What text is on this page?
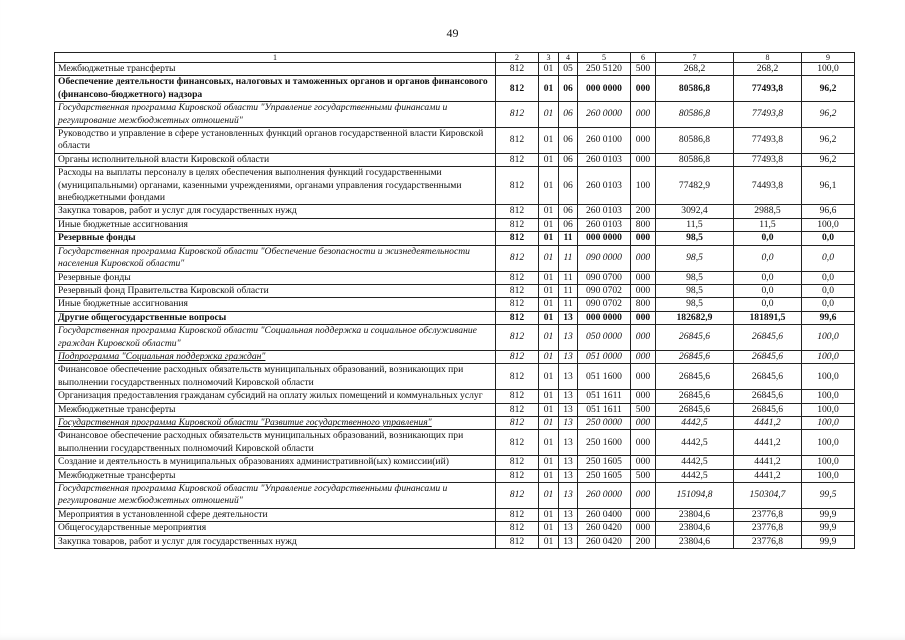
49
1	2	3	4	5	6	7	8	9
Межбюджетные трансферты	812	01	05	250 5120	500	268,2	268,2	100,0
Обеспечение деятельности финансовых, налоговых и таможенных органов и органов финансового (финансово-бюджетного) надзора	812	01	06	000 0000	000	80586,8	77493,8	96,2
Государственная программа Кировской области "Управление государственными финансами и регулирование межбюджетных отношений"	812	01	06	260 0000	000	80586,8	77493,8	96,2
Руководство и управление в сфере установленных функций органов государственной власти Кировской области	812	01	06	260 0100	000	80586,8	77493,8	96,2
Органы исполнительной власти Кировской области	812	01	06	260 0103	000	80586,8	77493,8	96,2
Расходы на выплаты персоналу в целях обеспечения выполнения функций государственными (муниципальными) органами, казенными учреждениями, органами управления государственными внебюджетными фондами	812	01	06	260 0103	100	77482,9	74493,8	96,1
Закупка товаров, работ и услуг для государственных нужд	812	01	06	260 0103	200	3092,4	2988,5	96,6
Иные бюджетные ассигнования	812	01	06	260 0103	800	11,5	11,5	100,0
Резервные фонды	812	01	11	000 0000	000	98,5	0,0	0,0
Государственная программа Кировской области "Обеспечение безопасности и жизнедеятельности населения Кировской области"	812	01	11	090 0000	000	98,5	0,0	0,0
Резервные фонды	812	01	11	090 0700	000	98,5	0,0	0,0
Резервный фонд Правительства Кировской области	812	01	11	090 0702	000	98,5	0,0	0,0
Иные бюджетные ассигнования	812	01	11	090 0702	800	98,5	0,0	0,0
Другие общегосударственные вопросы	812	01	13	000 0000	000	182682,9	181891,5	99,6
Государственная программа Кировской области "Социальная поддержка и социальное обслуживание граждан Кировской области"	812	01	13	050 0000	000	26845,6	26845,6	100,0
Подпрограмма "Социальная поддержка граждан"	812	01	13	051 0000	000	26845,6	26845,6	100,0
Финансовое обеспечение расходных обязательств муниципальных образований, возникающих при выполнении государственных полномочий Кировской области	812	01	13	051 1600	000	26845,6	26845,6	100,0
Организация предоставления гражданам субсидий на оплату жилых помещений и коммунальных услуг	812	01	13	051 1611	000	26845,6	26845,6	100,0
Межбюджетные трансферты	812	01	13	051 1611	500	26845,6	26845,6	100,0
Государственная программа Кировской области "Развитие государственного управления"	812	01	13	250 0000	000	4442,5	4441,2	100,0
Финансовое обеспечение расходных обязательств муниципальных образований, возникающих при выполнении государственных полномочий Кировской области	812	01	13	250 1600	000	4442,5	4441,2	100,0
Создание и деятельность в муниципальных образованиях административной(ых) комиссии(ий)	812	01	13	250 1605	000	4442,5	4441,2	100,0
Межбюджетные трансферты	812	01	13	250 1605	500	4442,5	4441,2	100,0
Государственная программа Кировской области "Управление государственными финансами и регулирование межбюджетных отношений"	812	01	13	260 0000	000	151094,8	150304,7	99,5
Мероприятия в установленной сфере деятельности	812	01	13	260 0400	000	23804,6	23776,8	99,9
Общегосударственные мероприятия	812	01	13	260 0420	000	23804,6	23776,8	99,9
Закупка товаров, работ и услуг для государственных нужд	812	01	13	260 0420	200	23804,6	23776,8	99,9
